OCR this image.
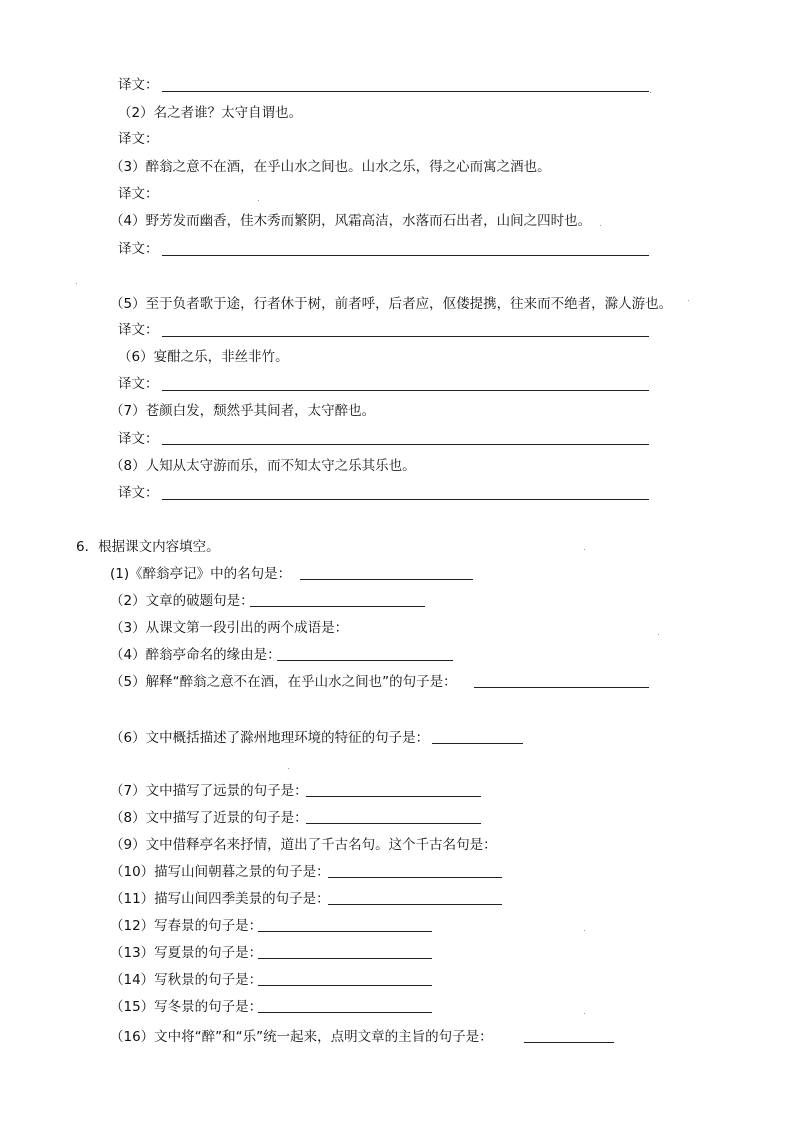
译文：
（2）名之者谁？太守自谓也。
译文：
（3）醉翁之意不在酒，在乎山水之间也。山水之乐，得之心而寓之酒也。
译文：
（4）野芳发而幽香，佳木秀而繁阴，风霜高洁，水落而石出者，山间之四时也。
译文：
（5）至于负者歌于途，行者休于树，前者呼，后者应，伛偻提携，往来而不绝者，滁人游也。
译文：
（6）宴酣之乐，非丝非竹。
译文：
（7）苍颜白发，颓然乎其间者，太守醉也。
译文：
（8）人知从太守游而乐，而不知太守之乐其乐也。
译文：
6．根据课文内容填空。
(1)《醉翁亭记》中的名句是：
（2）文章的破题句是：
（3）从课文第一段引出的两个成语是：
（4）醉翁亭命名的缘由是：
（5）解释“醉翁之意不在酒，在乎山水之间也”的句子是：
（6）文中概括描述了滁州地理环境的特征的句子是：
（7）文中描写了远景的句子是：
（8）文中描写了近景的句子是：
（9）文中借释亭名来抒情，道出了千古名句。这个千古名句是：
（10）描写山间朝暮之景的句子是：
（11）描写山间四季美景的句子是：
（12）写春景的句子是：
（13）写夏景的句子是：
（14）写秋景的句子是：
（15）写冬景的句子是：
（16）文中将“醉”和“乐”统一起来，点明文章的主旨的句子是：
